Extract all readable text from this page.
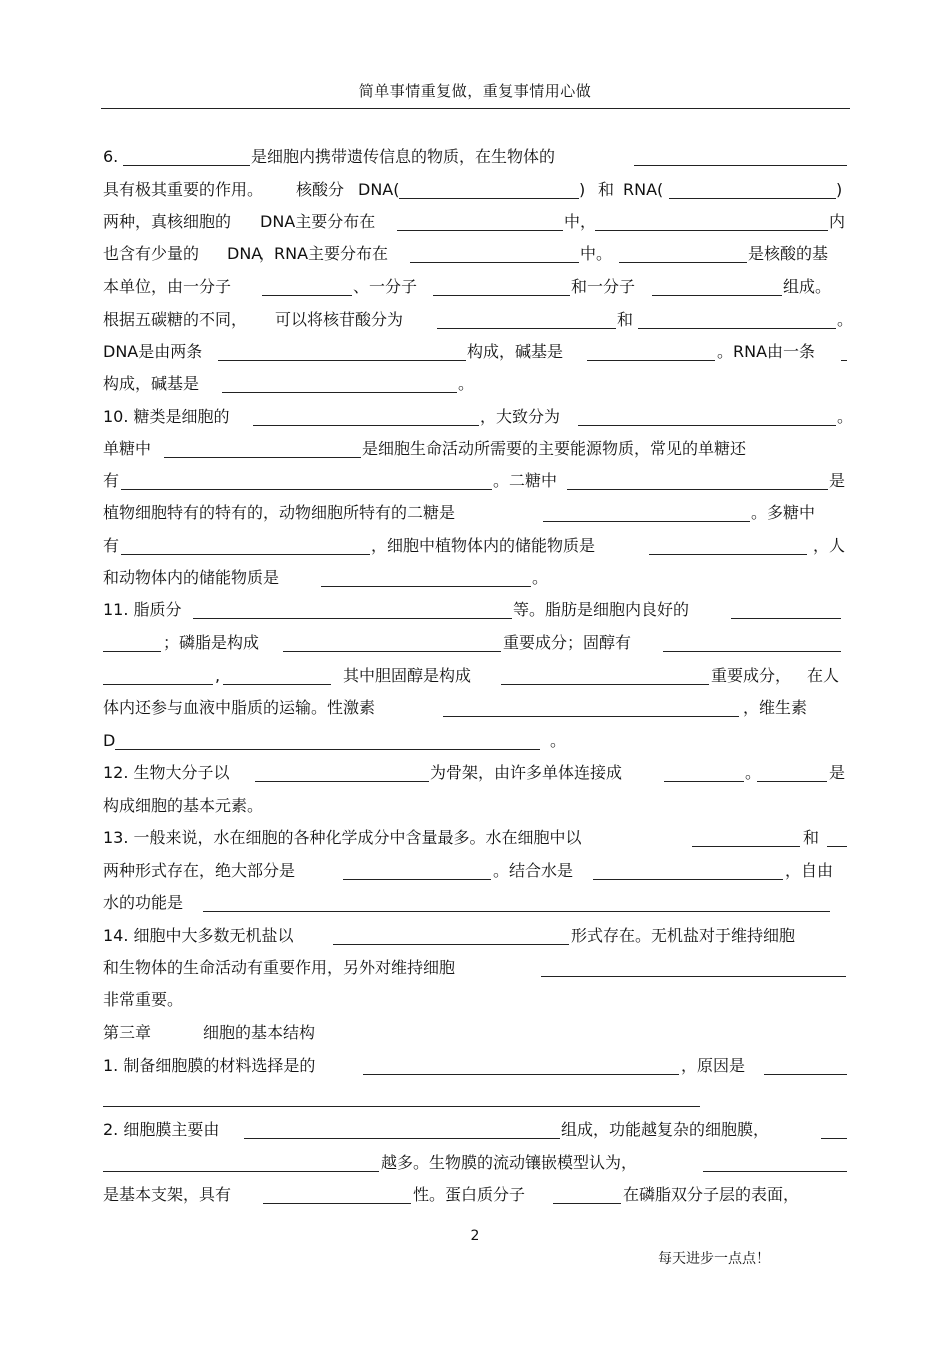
简单事情重复做，重复事情用心做
6.	是细胞内携带遗传信息的物质，在生物体的
具有极其重要的作用。 核酸分 DNA(	) 和 RNA(	)
两种，真核细胞的 DNA主要分布在	中，	内
也含有少量的 DNA
，
RNA主要分布在	中。	是核酸的基
本单位，由一分子	、一分子	和一分子	组成。
根据五碳糖的不同， 可以将核苷酸分为	和	。
DNA是由两条	构成，碱基是	。RNA由一条
构成，碱基是	。
10. 糖类是细胞的	，大致分为	。
单糖中	是细胞生命活动所需要的主要能源物质，常见的单糖还
有	。二糖中	是
植物细胞特有的特有的，动物细胞所特有的二糖是	。多糖中
有	，细胞中植物体内的储能物质是	，人
和动物体内的储能物质是	。
11. 脂质分	等。脂肪是细胞内良好的
；磷脂是构成	重要成分；固醇有
,	其中胆固醇是构成	重要成分， 在人
体内还参与血液中脂质的运输。性激素	，维生素
D	。
12. 生物大分子以	为骨架，由许多单体连接成	。	是
构成细胞的基本元素。
13. 一般来说，水在细胞的各种化学成分中含量最多。水在细胞中以	和
两种形式存在，绝大部分是	。结合水是	，自由
水的功能是
14. 细胞中大多数无机盐以	形式存在。无机盐对于维持细胞
和生物体的生命活动有重要作用，另外对维持细胞
非常重要。
第三章	细胞的基本结构
1. 制备细胞膜的材料选择是的	，原因是
2. 细胞膜主要由	组成，功能越复杂的细胞膜，
越多。生物膜的流动镶嵌模型认为，
是基本支架，具有	性。蛋白质分子	在磷脂双分子层的表面，
2
每天进步一点点！
